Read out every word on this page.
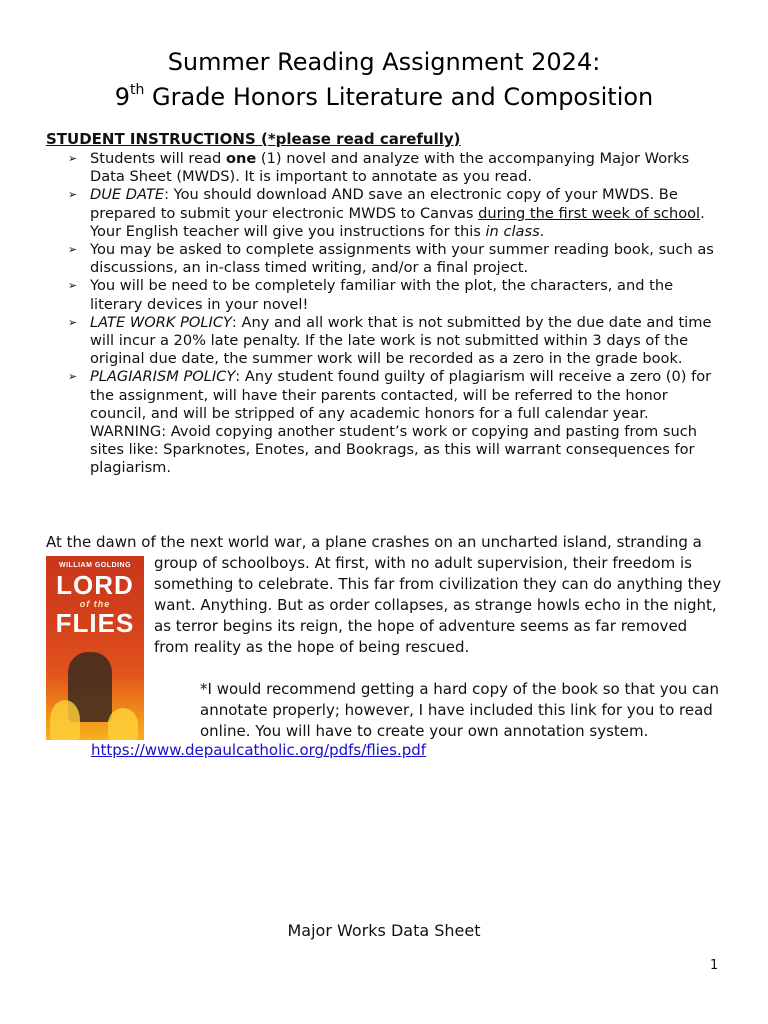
Summer Reading Assignment 2024:
9th Grade Honors Literature and Composition
STUDENT INSTRUCTIONS (*please read carefully)
➢ Students will read one (1) novel and analyze with the accompanying Major Works Data Sheet (MWDS). It is important to annotate as you read.
➢ DUE DATE: You should download AND save an electronic copy of your MWDS. Be prepared to submit your electronic MWDS to Canvas during the first week of school. Your English teacher will give you instructions for this in class.
➢ You may be asked to complete assignments with your summer reading book, such as discussions, an in-class timed writing, and/or a final project.
➢ You will be need to be completely familiar with the plot, the characters, and the literary devices in your novel!
➢ LATE WORK POLICY: Any and all work that is not submitted by the due date and time will incur a 20% late penalty. If the late work is not submitted within 3 days of the original due date, the summer work will be recorded as a zero in the grade book.
➢ PLAGIARISM POLICY: Any student found guilty of plagiarism will receive a zero (0) for the assignment, will have their parents contacted, will be referred to the honor council, and will be stripped of any academic honors for a full calendar year. WARNING: Avoid copying another student’s work or copying and pasting from such sites like: Sparknotes, Enotes, and Bookrags, as this will warrant consequences for plagiarism.
At the dawn of the next world war, a plane crashes on an uncharted island, stranding a
WILLIAM GOLDING
LORD
of the
FLIES
group of schoolboys. At first, with no adult supervision, their freedom is something to celebrate. This far from civilization they can do anything they want. Anything. But as order collapses, as strange howls echo in the night, as terror begins its reign, the hope of adventure seems as far removed from reality as the hope of being rescued.
*I would recommend getting a hard copy of the book so that you can annotate properly; however, I have included this link for you to read online. You will have to create your own annotation system.
https://www.depaulcatholic.org/pdfs/flies.pdf
Major Works Data Sheet
1
